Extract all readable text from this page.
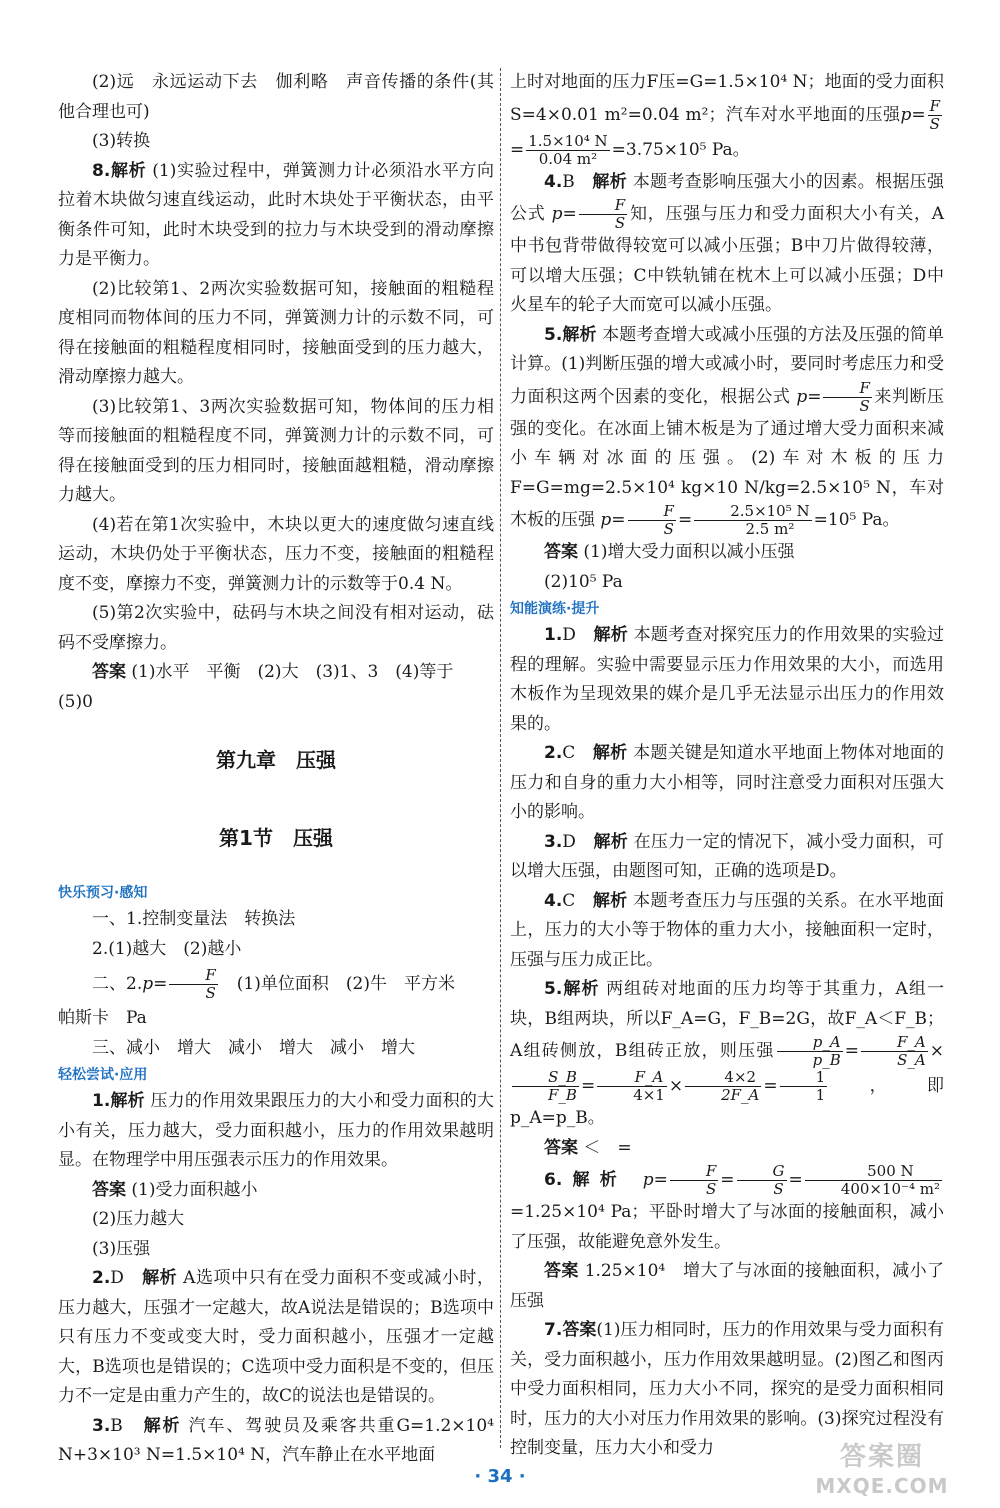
(2)远　永远运动下去　伽利略　声音传播的条件(其他合理也可)

(3)转换

8.解析 (1)实验过程中，弹簧测力计必须沿水平方向拉着木块做匀速直线运动，此时木块处于平衡状态，由平衡条件可知，此时木块受到的拉力与木块受到的滑动摩擦力是平衡力。

(2)比较第1、2两次实验数据可知，接触面的粗糙程度相同而物体间的压力不同，弹簧测力计的示数不同，可得在接触面的粗糙程度相同时，接触面受到的压力越大，滑动摩擦力越大。

(3)比较第1、3两次实验数据可知，物体间的压力相等而接触面的粗糙程度不同，弹簧测力计的示数不同，可得在接触面受到的压力相同时，接触面越粗糙，滑动摩擦力越大。

(4)若在第1次实验中，木块以更大的速度做匀速直线运动，木块仍处于平衡状态，压力不变，接触面的粗糙程度不变，摩擦力不变，弹簧测力计的示数等于0.4 N。

(5)第2次实验中，砝码与木块之间没有相对运动，砝码不受摩擦力。

答案 (1)水平　平衡　(2)大　(3)1、3　(4)等于

(5)0

第九章　压强
第1节　压强

快乐预习·感知

一、1.控制变量法　转换法

2.(1)越大　(2)越小

二、$2.p= \frac{F}{S}$
　 (1)单位面积　(2)牛　平方米

帕斯卡　Pa

三、减小　增大　减小　增大　减小　增大

轻松尝试·应用

1.解析 压力的作用效果跟压力的大小和受力面积的大小有关，压力越大，受力面积越小，压力的作用效果越明显。在物理学中用压强表示压力的作用效果。

答案 (1)受力面积越小

(2)压力越大

(3)压强

2.D　 解析 A选项中只有在受力面积不变或减小时，压力越大，压强才一定越大，故A说法是错误的；B选项中只有压力不变或变大时，受力面积越小，压强才一定越大，B选项也是错误的；C选项中受力面积是不变的，但压力不一定是由重力产生的，故C的说法也是错误的。

3.B　 解析 汽车、驾驶员及乘客共重G=1.2×10⁴ N+3×10³ N=1.5×10⁴ N，汽车静止在水平地面

上时对地面的压力F压=G=1.5×10⁴ N；地面的受力面积S=4×0.01 m²=0.04 m²；汽车对水平地面的压强$p= \frac{F}{S}$
= $\frac{\text{1.5×10⁴ N}}{\text{0.04 m²}} =3.75\times 10^5$ Pa。

4.B　 解析 本题考查影响压强大小的因素。根据压强公式 $p= \frac{F}{S}$ 知，压强与压力和受力面积大小有关，A中书包背带做得较宽可以减小压强；B中刀片做得较薄，可以增大压强；C中铁轨铺在枕木上可以减小压强；D中火星车的轮子大而宽可以减小压强。

5.解析 本题考查增大或减小压强的方法及压强的简单计算。(1)判断压强的增大或减小时，要同时考虑压力和受力面积这两个因素的变化，根据公式 $p= \frac{F}{S}$ 来判断压强的变化。在冰面上铺木板是为了通过增大受力面积来减小车辆对冰面的压强。(2)车对木板的压力F=G=mg=2.5×10⁴ kg×10 N/kg=2.5×10⁵ N，车对木板的压强 $p= \frac{F}{S} = \frac{\text{2.5×10⁵ N}}{\text{2.5 m²}} =10^5$ Pa。

答案 (1)增大受力面积以减小压强

(2)10⁵ Pa

知能演练·提升

1.D　 解析 本题考查对探究压力的作用效果的实验过程的理解。实验中需要显示压力作用效果的大小，而选用木板作为呈现效果的媒介是几乎无法显示出压力的作用效果的。

2.C　 解析 本题关键是知道水平地面上物体对地面的压力和自身的重力大小相等，同时注意受力面积对压强大小的影响。

3.D　 解析 在压力一定的情况下，减小受力面积，可以增大压强，由题图可知，正确的选项是D。

4.C　 解析 本题考查压力与压强的关系。在水平地面上，压力的大小等于物体的重力大小，接触面积一定时，压强与压力成正比。

5.解析 两组砖对地面的压力均等于其重力，A组一块，B组两块，所以F_A=G，F_B=2G，故F_A＜F_B；A组砖侧放，B组砖正放，则压强 $\frac{p\_A}{p\_B} = \frac{F\_A}{S\_A}$ ×
$\frac{S\_B}{F\_B} = \frac{F\_A}{4\times 1} \times \frac{4\times 2}{2F\_A} = \frac{1}{1}$ ，即p_A=p_B。

答案 ＜　=

6.解析 $p= \frac{F}{S} = \frac{G}{S} = \frac{500 N}{\text{400×10⁻⁴ m²}}$
=1.25×10⁴ Pa；平卧时增大了与冰面的接触面积，减小了压强，故能避免意外发生。

答案 1.25×10⁴　增大了与冰面的接触面积，减小了压强

7.答案(1)压力相同时，压力的作用效果与受力面积有关，受力面积越小，压力作用效果越明显。(2)图乙和图丙中受力面积相同，压力大小不同，探究的是受力面积相同时，压力的大小对压力作用效果的影响。(3)探究过程没有控制变量，压力大小和受力

· 34 ·
答案圈
MXQE.COM
